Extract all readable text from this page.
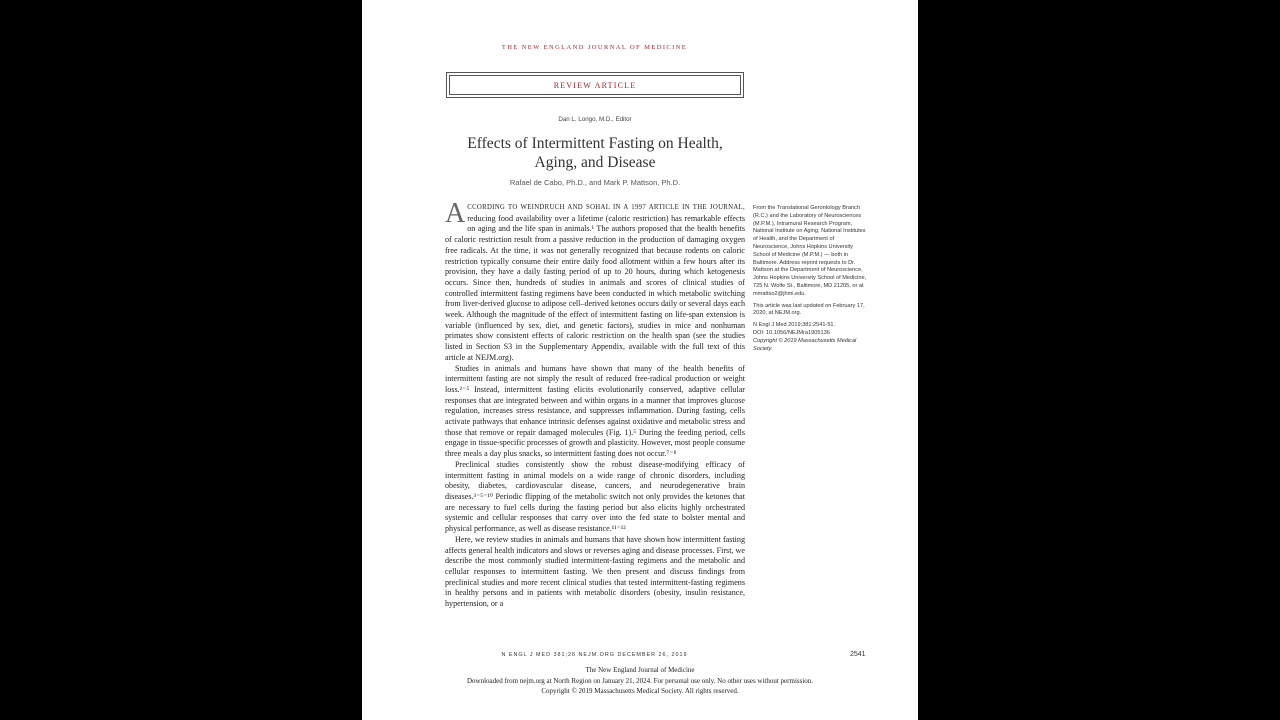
THE NEW ENGLAND JOURNAL OF MEDICINE
REVIEW ARTICLE
Dan L. Longo, M.D., Editor
Effects of Intermittent Fasting on Health, Aging, and Disease
Rafael de Cabo, Ph.D., and Mark P. Mattson, Ph.D.

ACCORDING TO WEINDRUCH AND SOHAL IN A 1997 ARTICLE IN THE JOURNAL, reducing food availability over a lifetime (caloric restriction) has remarkable effects on aging and the life span in animals.¹ The authors proposed that the health benefits of caloric restriction result from a passive reduction in the production of damaging oxygen free radicals. At the time, it was not generally recognized that because rodents on caloric restriction typically consume their entire daily food allotment within a few hours after its provision, they have a daily fasting period of up to 20 hours, during which ketogenesis occurs. Since then, hundreds of studies in animals and scores of clinical studies of controlled intermittent fasting regimens have been conducted in which metabolic switching from liver-derived glucose to adipose cell–derived ketones occurs daily or several days each week. Although the magnitude of the effect of intermittent fasting on life-span extension is variable (influenced by sex, diet, and genetic factors), studies in mice and nonhuman primates show consistent effects of caloric restriction on the health span (see the studies listed in Section S3 in the Supplementary Appendix, available with the full text of this article at NEJM.org).

Studies in animals and humans have shown that many of the health benefits of intermittent fasting are not simply the result of reduced free-radical production or weight loss.²⁻⁵ Instead, intermittent fasting elicits evolutionarily conserved, adaptive cellular responses that are integrated between and within organs in a manner that improves glucose regulation, increases stress resistance, and suppresses inflammation. During fasting, cells activate pathways that enhance intrinsic defenses against oxidative and metabolic stress and those that remove or repair damaged molecules (Fig. 1).⁵ During the feeding period, cells engage in tissue-specific processes of growth and plasticity. However, most people consume three meals a day plus snacks, so intermittent fasting does not occur.⁷⁻⁸

Preclinical studies consistently show the robust disease-modifying efficacy of intermittent fasting in animal models on a wide range of chronic disorders, including obesity, diabetes, cardiovascular disease, cancers, and neurodegenerative brain diseases.³⁻⁵⁻¹⁰ Periodic flipping of the metabolic switch not only provides the ketones that are necessary to fuel cells during the fasting period but also elicits highly orchestrated systemic and cellular responses that carry over into the fed state to bolster mental and physical performance, as well as disease resistance.¹¹⁻¹²

Here, we review studies in animals and humans that have shown how intermittent fasting affects general health indicators and slows or reverses aging and disease processes. First, we describe the most commonly studied intermittent-fasting regimens and the metabolic and cellular responses to intermittent fasting. We then present and discuss findings from preclinical studies and more recent clinical studies that tested intermittent-fasting regimens in healthy persons and in patients with metabolic disorders (obesity, insulin resistance, hypertension, or a

From the Translational Gerontology Branch (R.C.) and the Laboratory of Neurosciences (M.P.M.), Intramural Research Program, National Institute on Aging, National Institutes of Health, and the Department of Neuroscience, Johns Hopkins University School of Medicine (M.P.M.) — both in Baltimore. Address reprint requests to Dr. Mattson at the Department of Neuroscience, Johns Hopkins University School of Medicine, 725 N. Wolfe St., Baltimore, MD 21205, or at mmattso2@jhmi.edu.

This article was last updated on February 17, 2020, at NEJM.org.

N Engl J Med 2019;381:2541-51.
DOI: 10.1056/NEJMra1905136
Copyright © 2019 Massachusetts Medical Society.
N ENGL J MED 381;26 NEJM.ORG DECEMBER 26, 2019	2541
The New England Journal of Medicine
Downloaded from nejm.org at North Region on January 21, 2024. For personal use only. No other uses without permission.
Copyright © 2019 Massachusetts Medical Society. All rights reserved.
